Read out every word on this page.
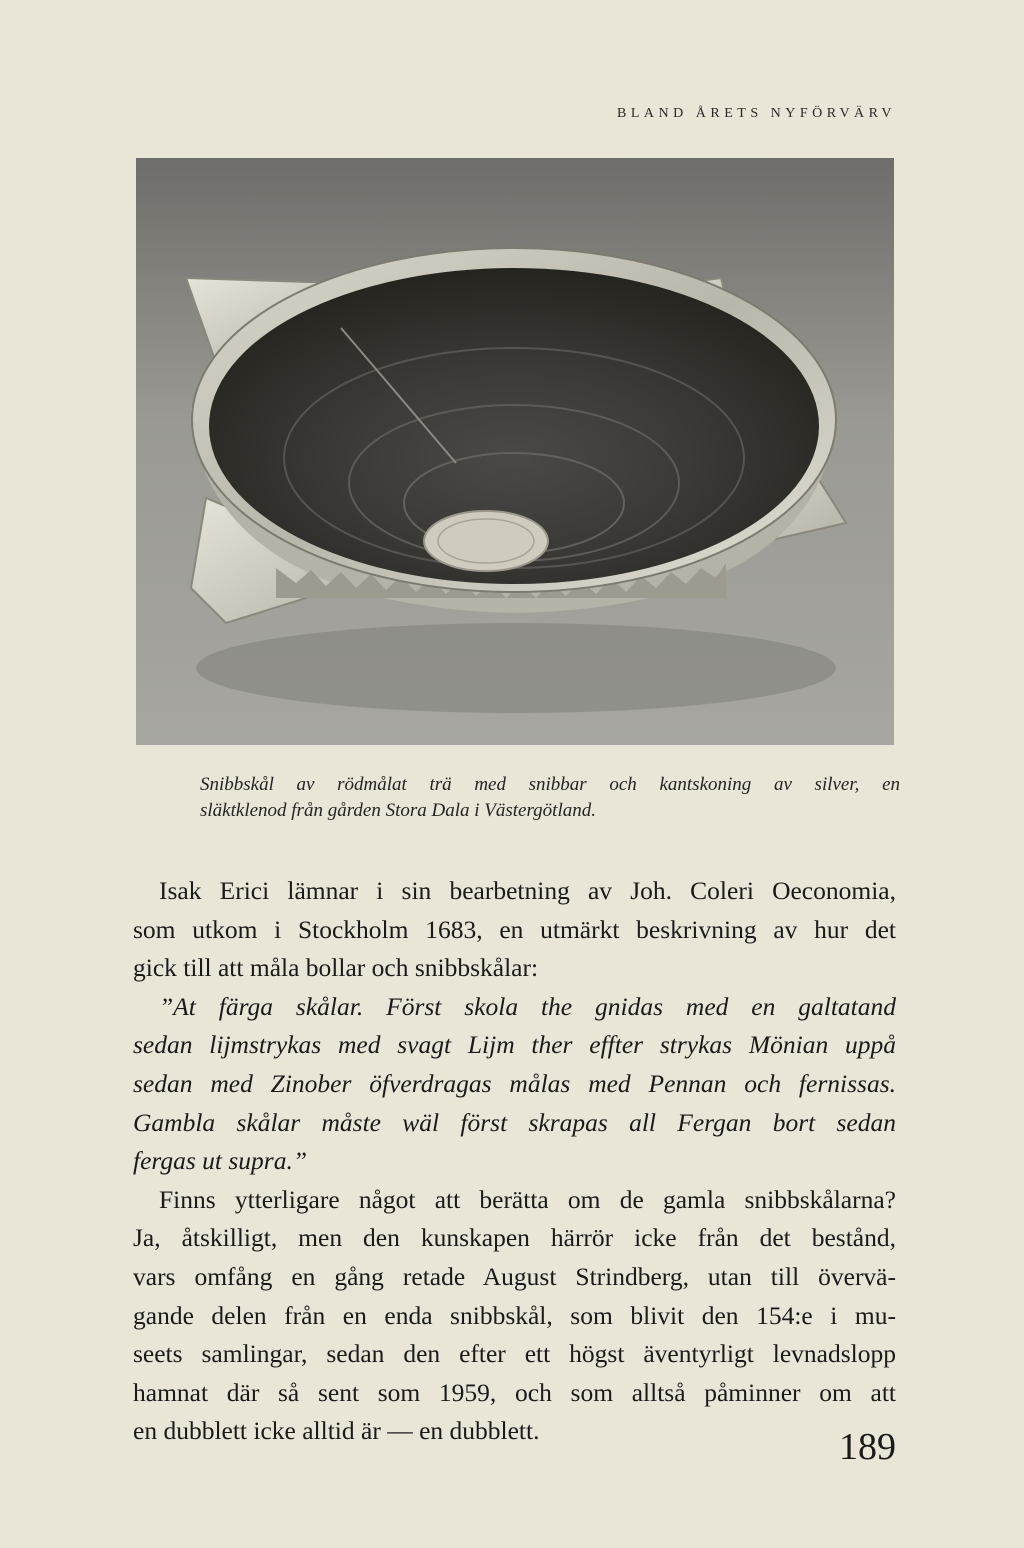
BLAND ÅRETS NYFÖRVÄRV
Snibbskål av rödmålat trä med snibbar och kantskoning av silver, en
släktklenod från gården Stora Dala i Västergötland.
Isak Erici lämnar i sin bearbetning av Joh. Coleri Oeconomia,
som utkom i Stockholm 1683, en utmärkt beskrivning av hur det
gick till att måla bollar och snibbskålar:
”At färga skålar. Först skola the gnidas med en galtatand
sedan lijmstrykas med svagt Lijm ther effter strykas Mönian uppå
sedan med Zinober öfverdragas målas med Pennan och fernissas.
Gambla skålar måste wäl först skrapas all Fergan bort sedan
fergas ut supra.”
Finns ytterligare något att berätta om de gamla snibbskålarna?
Ja, åtskilligt, men den kunskapen härrör icke från det bestånd,
vars omfång en gång retade August Strindberg, utan till övervä-
gande delen från en enda snibbskål, som blivit den 154:e i mu-
seets samlingar, sedan den efter ett högst äventyrligt levnadslopp
hamnat där så sent som 1959, och som alltså påminner om att
en dubblett icke alltid är — en dubblett.	189
